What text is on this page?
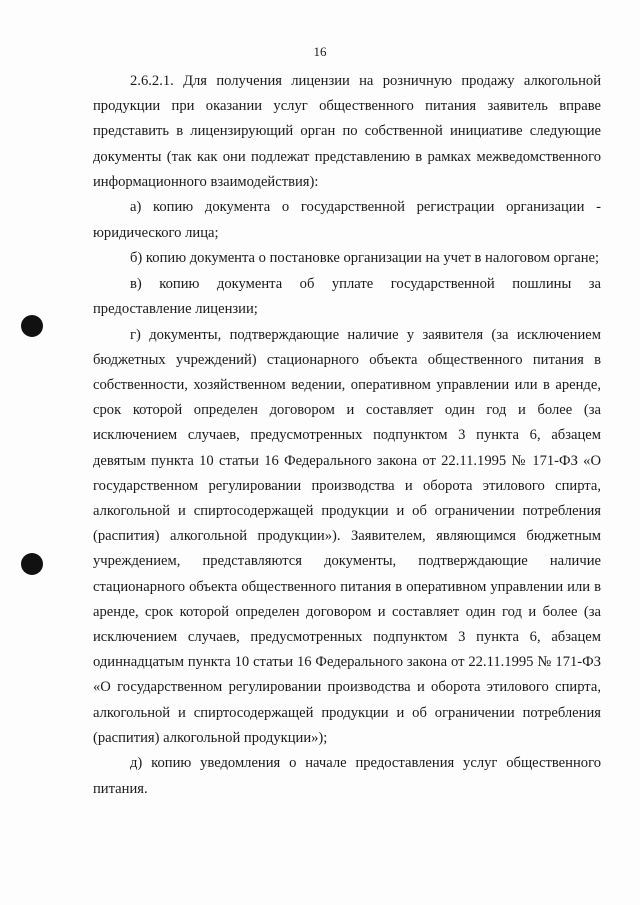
16

2.6.2.1. Для получения лицензии на розничную продажу алкогольной продукции при оказании услуг общественного питания заявитель вправе представить в лицензирующий орган по собственной инициативе следующие документы (так как они подлежат представлению в рамках межведомственного информационного взаимодействия):

а) копию документа о государственной регистрации организации - юридического лица;

б) копию документа о постановке организации на учет в налоговом органе;

в) копию документа об уплате государственной пошлины за предоставление лицензии;

г) документы, подтверждающие наличие у заявителя (за исключением бюджетных учреждений) стационарного объекта общественного питания в собственности, хозяйственном ведении, оперативном управлении или в аренде, срок которой определен договором и составляет один год и более (за исключением случаев, предусмотренных подпунктом 3 пункта 6, абзацем девятым пункта 10 статьи 16 Федерального закона от 22.11.1995 № 171-ФЗ «О государственном регулировании производства и оборота этилового спирта, алкогольной и спиртосодержащей продукции и об ограничении потребления (распития) алкогольной продукции»). Заявителем, являющимся бюджетным учреждением, представляются документы, подтверждающие наличие стационарного объекта общественного питания в оперативном управлении или в аренде, срок которой определен договором и составляет один год и более (за исключением случаев, предусмотренных подпунктом 3 пункта 6, абзацем одиннадцатым пункта 10 статьи 16 Федерального закона от 22.11.1995 № 171-ФЗ «О государственном регулировании производства и оборота этилового спирта, алкогольной и спиртосодержащей продукции и об ограничении потребления (распития) алкогольной продукции»);

д) копию уведомления о начале предоставления услуг общественного питания.
